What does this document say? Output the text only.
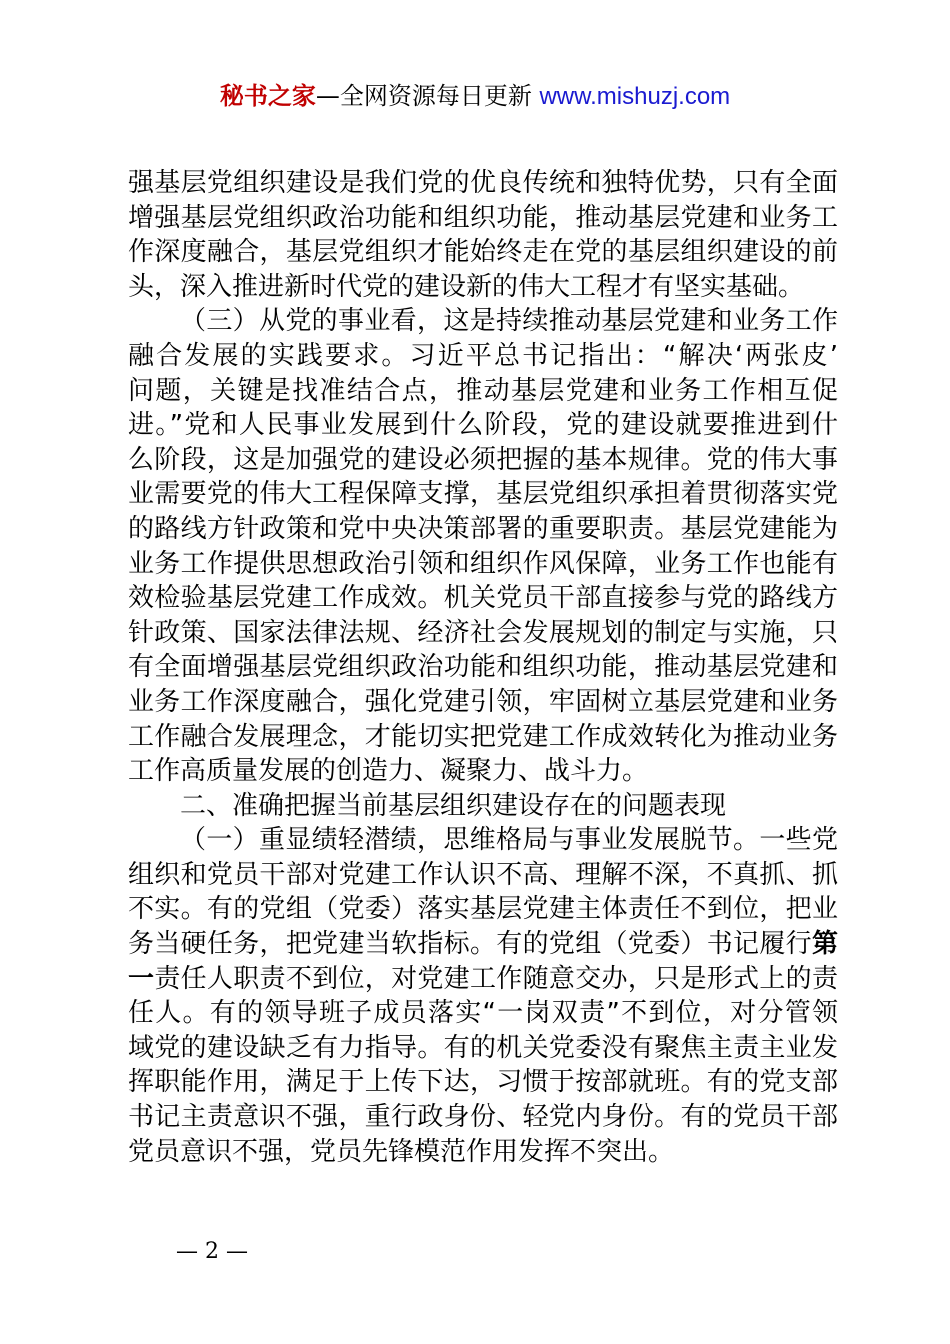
秘书之家—全网资源每日更新 www.mishuzj.com
强基层党组织建设是我们党的优良传统和独特优势，只有全面
增强基层党组织政治功能和组织功能，推动基层党建和业务工
作深度融合，基层党组织才能始终走在党的基层组织建设的前
头，深入推进新时代党的建设新的伟大工程才有坚实基础。
（三）从党的事业看，这是持续推动基层党建和业务工作
融合发展的实践要求。习近平总书记指出：“解决‘两张皮’
问题，关键是找准结合点，推动基层党建和业务工作相互促
进。”党和人民事业发展到什么阶段，党的建设就要推进到什
么阶段，这是加强党的建设必须把握的基本规律。党的伟大事
业需要党的伟大工程保障支撑，基层党组织承担着贯彻落实党
的路线方针政策和党中央决策部署的重要职责。基层党建能为
业务工作提供思想政治引领和组织作风保障，业务工作也能有
效检验基层党建工作成效。机关党员干部直接参与党的路线方
针政策、国家法律法规、经济社会发展规划的制定与实施，只
有全面增强基层党组织政治功能和组织功能，推动基层党建和
业务工作深度融合，强化党建引领，牢固树立基层党建和业务
工作融合发展理念，才能切实把党建工作成效转化为推动业务
工作高质量发展的创造力、凝聚力、战斗力。
二、准确把握当前基层组织建设存在的问题表现
（一）重显绩轻潜绩，思维格局与事业发展脱节。一些党
组织和党员干部对党建工作认识不高、理解不深，不真抓、抓
不实。有的党组（党委）落实基层党建主体责任不到位，把业
务当硬任务，把党建当软指标。有的党组（党委）书记履行第
一责任人职责不到位，对党建工作随意交办，只是形式上的责
任人。有的领导班子成员落实“一岗双责”不到位，对分管领
域党的建设缺乏有力指导。有的机关党委没有聚焦主责主业发
挥职能作用，满足于上传下达，习惯于按部就班。有的党支部
书记主责意识不强，重行政身份、轻党内身份。有的党员干部
党员意识不强，党员先锋模范作用发挥不突出。
— 2 —
